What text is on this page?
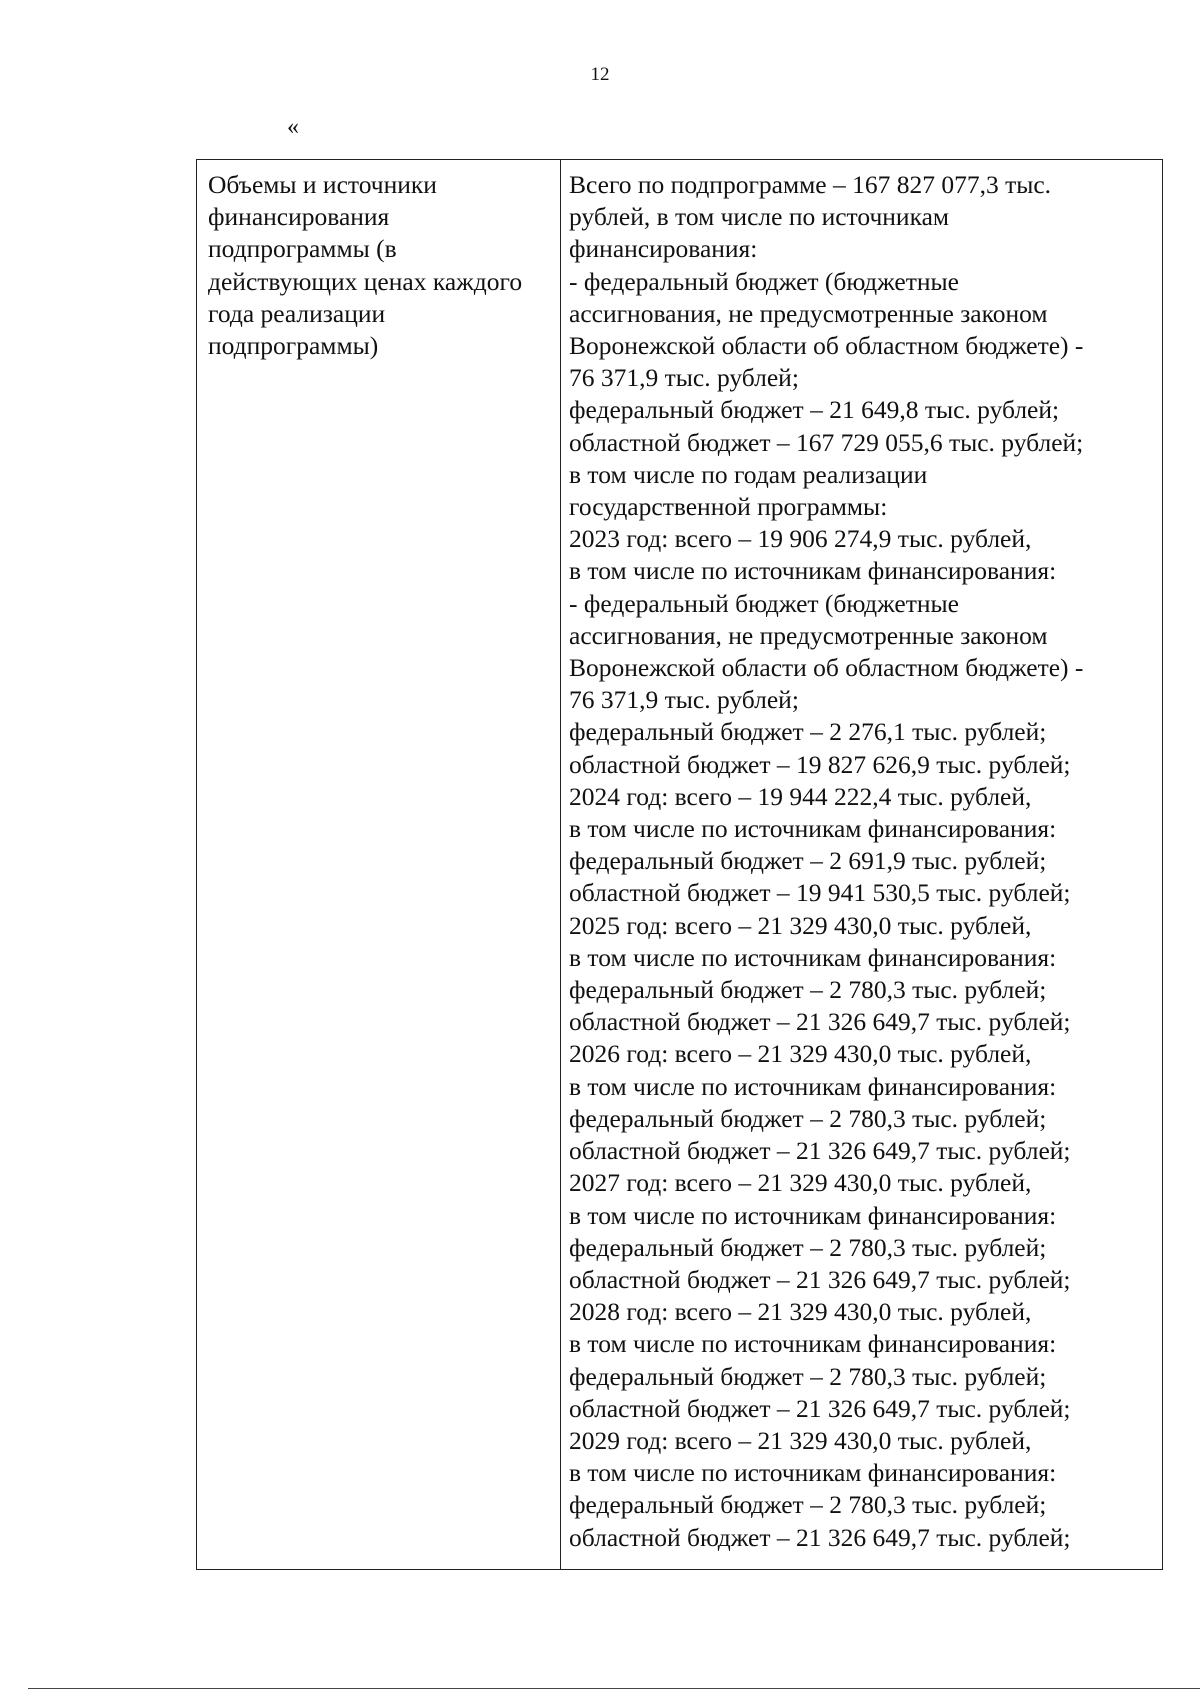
12
«
Объемы и источники
финансирования
подпрограммы (в
действующих ценах каждого
года реализации
подпрограммы)

Всего по подпрограмме – 167 827 077,3 тыс.
рублей, в том числе по источникам
финансирования:
- федеральный бюджет (бюджетные
ассигнования, не предусмотренные законом
Воронежской области об областном бюджете) -
76 371,9 тыс. рублей;
федеральный бюджет – 21 649,8 тыс. рублей;
областной бюджет – 167 729 055,6 тыс. рублей;
в том числе по годам реализации
государственной программы:
2023 год: всего – 19 906 274,9 тыс. рублей,
в том числе по источникам финансирования:
- федеральный бюджет (бюджетные
ассигнования, не предусмотренные законом
Воронежской области об областном бюджете) -
76 371,9 тыс. рублей;
федеральный бюджет – 2 276,1 тыс. рублей;
областной бюджет – 19 827 626,9 тыс. рублей;
2024 год: всего – 19 944 222,4 тыс. рублей,
в том числе по источникам финансирования:
федеральный бюджет – 2 691,9 тыс. рублей;
областной бюджет – 19 941 530,5 тыс. рублей;
2025 год: всего – 21 329 430,0 тыс. рублей,
в том числе по источникам финансирования:
федеральный бюджет – 2 780,3 тыс. рублей;
областной бюджет – 21 326 649,7 тыс. рублей;
2026 год: всего – 21 329 430,0 тыс. рублей,
в том числе по источникам финансирования:
федеральный бюджет – 2 780,3 тыс. рублей;
областной бюджет – 21 326 649,7 тыс. рублей;
2027 год: всего – 21 329 430,0 тыс. рублей,
в том числе по источникам финансирования:
федеральный бюджет – 2 780,3 тыс. рублей;
областной бюджет – 21 326 649,7 тыс. рублей;
2028 год: всего – 21 329 430,0 тыс. рублей,
в том числе по источникам финансирования:
федеральный бюджет – 2 780,3 тыс. рублей;
областной бюджет – 21 326 649,7 тыс. рублей;
2029 год: всего – 21 329 430,0 тыс. рублей,
в том числе по источникам финансирования:
федеральный бюджет – 2 780,3 тыс. рублей;
областной бюджет – 21 326 649,7 тыс. рублей;
